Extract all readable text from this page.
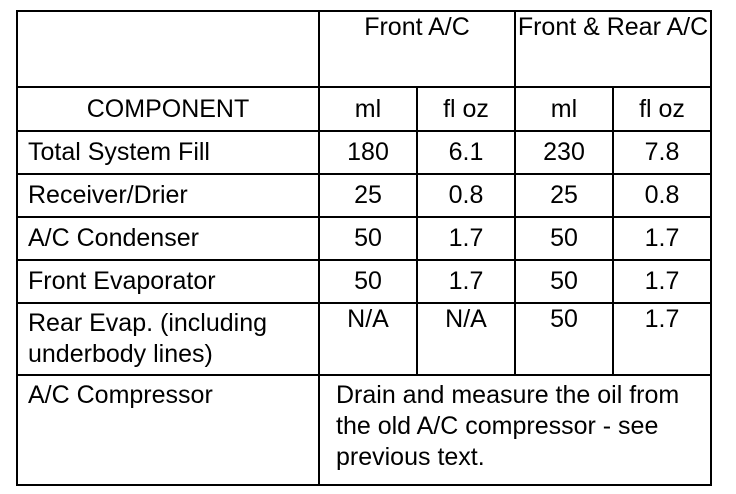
	Front A/C		Front & Rear A/C	
COMPONENT	ml	fl oz	ml	fl oz
Total System Fill	180	6.1	230	7.8
Receiver/Drier	25	0.8	25	0.8
A/C Condenser	50	1.7	50	1.7
Front Evaporator	50	1.7	50	1.7
Rear Evap. (including underbody lines)	N/A	N/A	50	1.7
A/C Compressor	Drain and measure the oil from the old A/C compressor - see previous text.			
